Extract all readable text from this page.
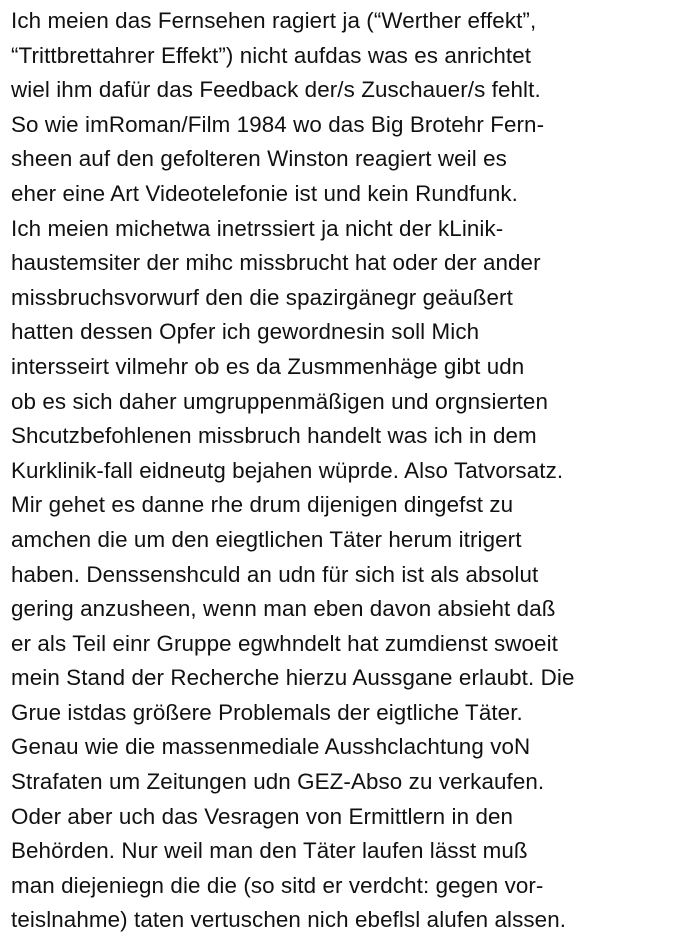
Ich meien das Fernsehen ragiert ja (“Werther effekt”,
“Trittbrettahrer Effekt”) nicht aufdas was es anrichtet
wiel ihm dafür das Feedback der/s Zuschauer/s fehlt.
So wie imRoman/Film 1984 wo das Big Brotehr Fern-
sheen auf den gefolteren Winston reagiert weil es
eher eine Art Videotelefonie ist und kein Rundfunk.
Ich meien michetwa inetrssiert ja nicht der kLinik-
haustemsiter der mihc missbrucht hat oder der ander
missbruchsvorwurf den die spazirgänegr geäußert
hatten dessen Opfer ich gewordnesin soll Mich
intersseirt vilmehr ob es da Zusmmenhäge gibt udn
ob es sich daher umgruppenmäßigen und orgnsierten
Shcutzbefohlenen missbruch handelt was ich in dem
Kurklinik-fall eidneutg bejahen wüprde. Also Tatvorsatz.
Mir gehet es danne rhe drum dijenigen dingefst zu
amchen die um den eiegtlichen Täter herum itrigert
haben. Denssenshculd an udn für sich ist als absolut
gering anzusheen, wenn man eben davon absieht daß
er als Teil einr Gruppe egwhndelt hat zumdienst swoeit
mein Stand der Recherche hierzu Aussgane erlaubt. Die
Grue istdas größere Problemals der eigtliche Täter.
Genau wie die massenmediale Ausshclachtung voN
Strafaten um Zeitungen udn GEZ-Abso zu verkaufen.
Oder aber uch das Vesragen von Ermittlern in den
Behörden. Nur weil man den Täter laufen lässt muß
man diejeniegn die die (so sitd er verdcht: gegen vor-
teislnahme) taten vertuschen nich ebeflsl alufen alssen.
